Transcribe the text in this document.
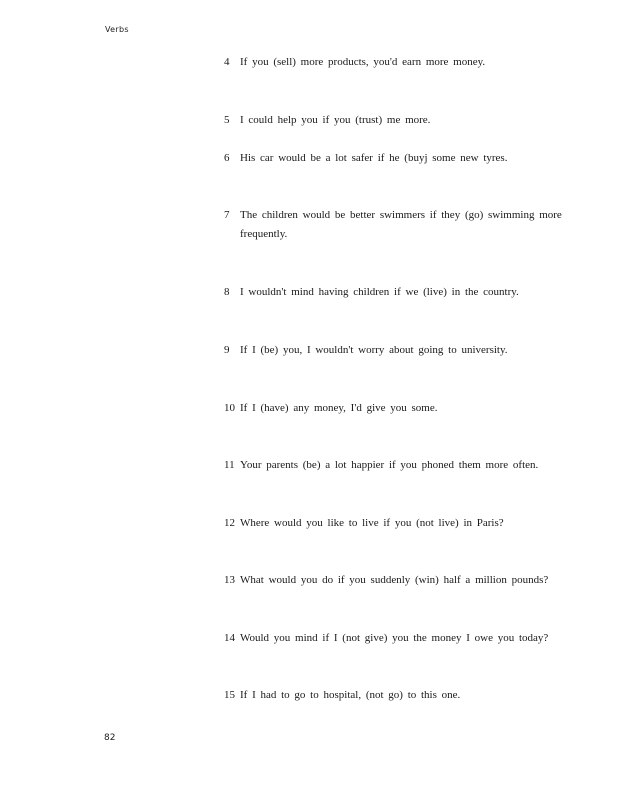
Verbs
4 If you (sell) more products, you'd earn more money.
5 I could help you if you (trust) me more.
6 His car would be a lot safer if he (buyj some new tyres.
7 The children would be better swimmers if they (go) swimming more
frequently.
8 I wouldn't mind having children if we (live) in the country.
9 If I (be) you, I wouldn't worry about going to university.
10 If I (have) any money, I'd give you some.
11 Your parents (be) a lot happier if you phoned them more often.
12 Where would you like to live if you (not live) in Paris?
13 What would you do if you suddenly (win) half a million pounds?
14 Would you mind if I (not give) you the money I owe you today?
15 If I had to go to hospital, (not go) to this one.
82
